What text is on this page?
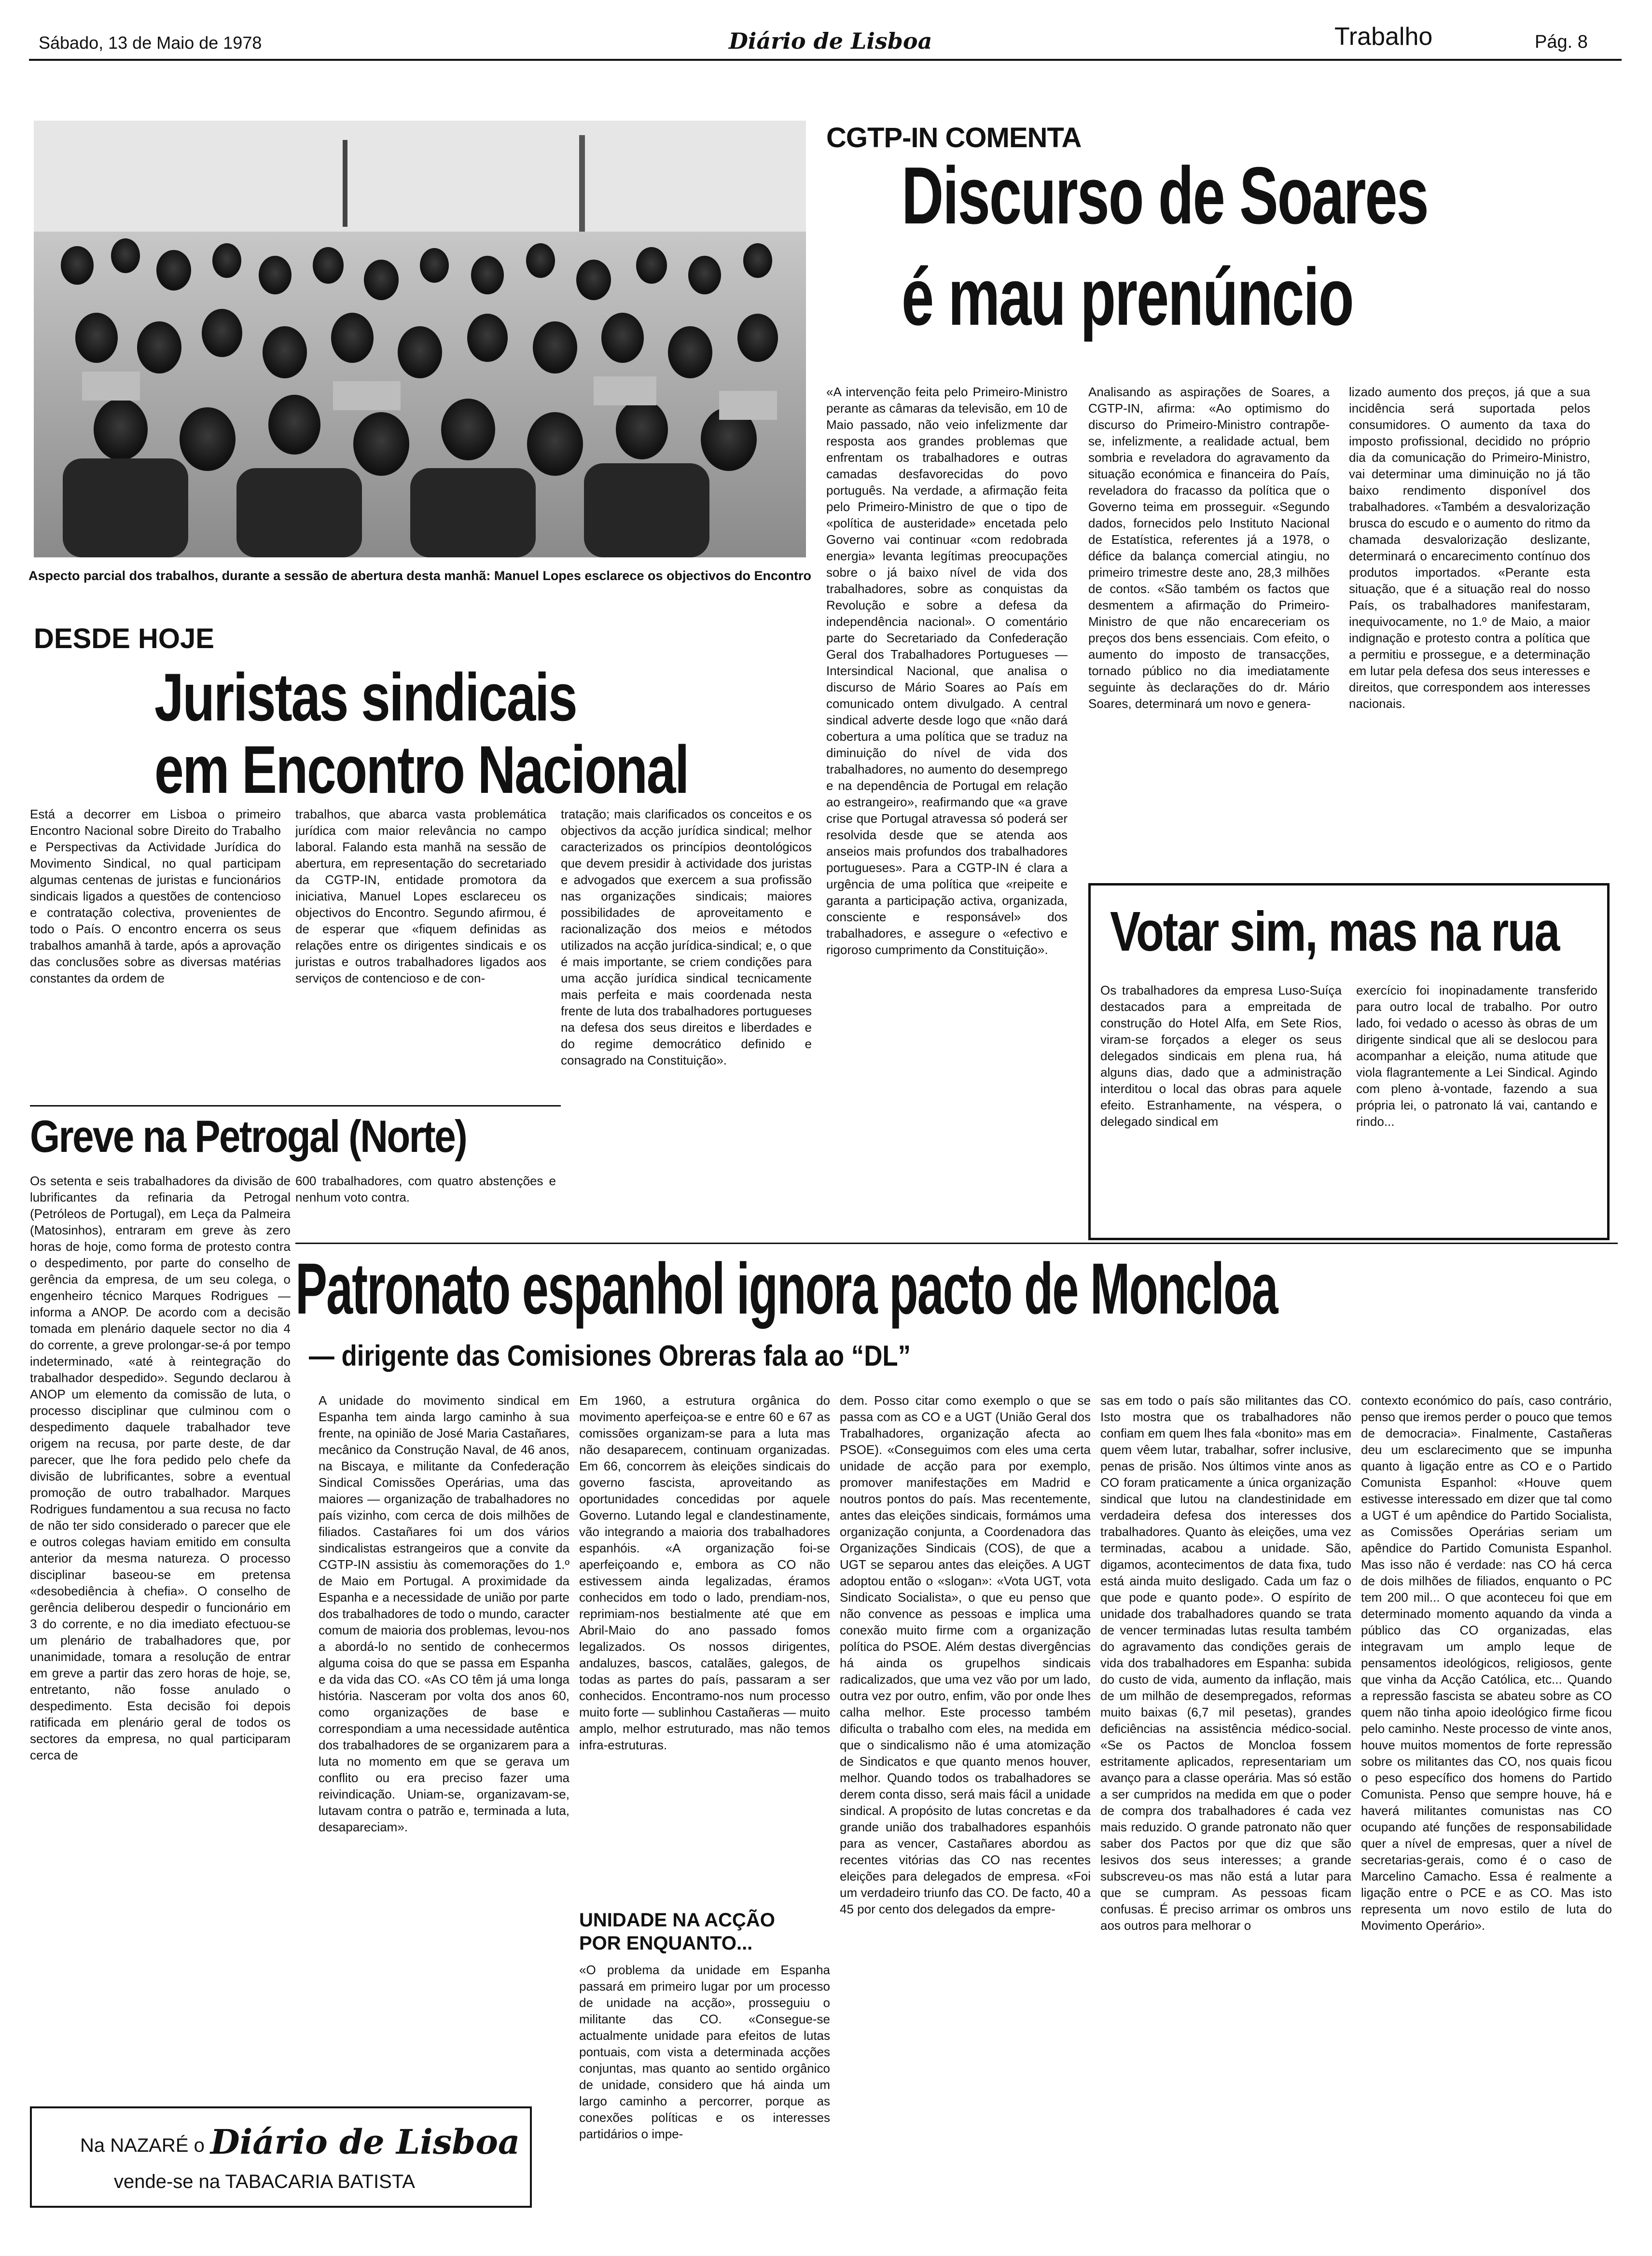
Sábado, 13 de Maio de 1978	Diário de Lisboa	Trabalho	Pág. 8
Aspecto parcial dos trabalhos, durante a sessão de abertura desta manhã: Manuel Lopes esclarece os objectivos do Encontro
CGTP-IN COMENTA
Discurso de Soares
é mau prenúncio
«A intervenção feita pelo Primeiro-Ministro perante as câmaras da televisão, em 10 de Maio passado, não veio infelizmente dar resposta aos grandes problemas que enfrentam os trabalhadores e outras camadas desfavorecidas do povo português. Na verdade, a afirmação feita pelo Primeiro-Ministro de que o tipo de «política de austeridade» encetada pelo Governo vai continuar «com redobrada energia» levanta legítimas preocupações sobre o já baixo nível de vida dos trabalhadores, sobre as conquistas da Revolução e sobre a defesa da independência nacional». O comentário parte do Secretariado da Confederação Geral dos Trabalhadores Portugueses — Intersindical Nacional, que analisa o discurso de Mário Soares ao País em comunicado ontem divulgado. A central sindical adverte desde logo que «não dará cobertura a uma política que se traduz na diminuição do nível de vida dos trabalhadores, no aumento do desemprego e na dependência de Portugal em relação ao estrangeiro», reafirmando que «a grave crise que Portugal atravessa só poderá ser resolvida desde que se atenda aos anseios mais profundos dos trabalhadores portugueses». Para a CGTP-IN é clara a urgência de uma política que «reipeite e garanta a participação activa, organizada, consciente e responsável» dos trabalhadores, e assegure o «efectivo e rigoroso cumprimento da Constituição».
Analisando as aspirações de Soares, a CGTP-IN, afirma: «Ao optimismo do discurso do Primeiro-Ministro contrapõe-se, infelizmente, a realidade actual, bem sombria e reveladora do agravamento da situação económica e financeira do País, reveladora do fracasso da política que o Governo teima em prosseguir. «Segundo dados, fornecidos pelo Instituto Nacional de Estatística, referentes já a 1978, o défice da balança comercial atingiu, no primeiro trimestre deste ano, 28,3 milhões de contos. «São também os factos que desmentem a afirmação do Primeiro-Ministro de que não encareceriam os preços dos bens essenciais. Com efeito, o aumento do imposto de transacções, tornado público no dia imediatamente seguinte às declarações do dr. Mário Soares, determinará um novo e genera-
lizado aumento dos preços, já que a sua incidência será suportada pelos consumidores. O aumento da taxa do imposto profissional, decidido no próprio dia da comunicação do Primeiro-Ministro, vai determinar uma diminuição no já tão baixo rendimento disponível dos trabalhadores. «Também a desvalorização brusca do escudo e o aumento do ritmo da chamada desvalorização deslizante, determinará o encarecimento contínuo dos produtos importados. «Perante esta situação, que é a situação real do nosso País, os trabalhadores manifestaram, inequivocamente, no 1.º de Maio, a maior indignação e protesto contra a política que a permitiu e prossegue, e a determinação em lutar pela defesa dos seus interesses e direitos, que correspondem aos interesses nacionais.
DESDE HOJE
Juristas sindicais
em Encontro Nacional
Está a decorrer em Lisboa o primeiro Encontro Nacional sobre Direito do Trabalho e Perspectivas da Actividade Jurídica do Movimento Sindical, no qual participam algumas centenas de juristas e funcionários sindicais ligados a questões de contencioso e contratação colectiva, provenientes de todo o País. O encontro encerra os seus trabalhos amanhã à tarde, após a aprovação das conclusões sobre as diversas matérias constantes da ordem de
trabalhos, que abarca vasta problemática jurídica com maior relevância no campo laboral. Falando esta manhã na sessão de abertura, em representação do secretariado da CGTP-IN, entidade promotora da iniciativa, Manuel Lopes esclareceu os objectivos do Encontro. Segundo afirmou, é de esperar que «fiquem definidas as relações entre os dirigentes sindicais e os juristas e outros trabalhadores ligados aos serviços de contencioso e de con-
tratação; mais clarificados os conceitos e os objectivos da acção jurídica sindical; melhor caracterizados os princípios deontológicos que devem presidir à actividade dos juristas e advogados que exercem a sua profissão nas organizações sindicais; maiores possibilidades de aproveitamento e racionalização dos meios e métodos utilizados na acção jurídica-sindical; e, o que é mais importante, se criem condições para uma acção jurídica sindical tecnicamente mais perfeita e mais coordenada nesta frente de luta dos trabalhadores portugueses na defesa dos seus direitos e liberdades e do regime democrático definido e consagrado na Constituição».
Votar sim, mas na rua
Os trabalhadores da empresa Luso-Suíça destacados para a empreitada de construção do Hotel Alfa, em Sete Rios, viram-se forçados a eleger os seus delegados sindicais em plena rua, há alguns dias, dado que a administração interditou o local das obras para aquele efeito. Estranhamente, na véspera, o delegado sindical em
exercício foi inopinadamente transferido para outro local de trabalho. Por outro lado, foi vedado o acesso às obras de um dirigente sindical que ali se deslocou para acompanhar a eleição, numa atitude que viola flagrantemente a Lei Sindical. Agindo com pleno à-vontade, fazendo a sua própria lei, o patronato lá vai, cantando e rindo...
Greve na Petrogal (Norte)
Os setenta e seis trabalhadores da divisão de lubrificantes da refinaria da Petrogal (Petróleos de Portugal), em Leça da Palmeira (Matosinhos), entraram em greve às zero horas de hoje, como forma de protesto contra o despedimento, por parte do conselho de gerência da empresa, de um seu colega, o engenheiro técnico Marques Rodrigues — informa a ANOP. De acordo com a decisão tomada em plenário daquele sector no dia 4 do corrente, a greve prolongar-se-á por tempo indeterminado, «até à reintegração do trabalhador despedido». Segundo declarou à ANOP um elemento da comissão de luta, o processo disciplinar que culminou com o despedimento daquele trabalhador teve origem na recusa, por parte deste, de dar parecer, que lhe fora pedido pelo chefe da divisão de lubrificantes, sobre a eventual promoção de outro trabalhador. Marques Rodrigues fundamentou a sua recusa no facto de não ter sido considerado o parecer que ele e outros colegas haviam emitido em consulta anterior da mesma natureza. O processo disciplinar baseou-se em pretensa «desobediência à chefia». O conselho de gerência deliberou despedir o funcionário em 3 do corrente, e no dia imediato efectuou-se um plenário de trabalhadores que, por unanimidade, tomara a resolução de entrar em greve a partir das zero horas de hoje, se, entretanto, não fosse anulado o despedimento. Esta decisão foi depois ratificada em plenário geral de todos os sectores da empresa, no qual participaram cerca de
600 trabalhadores, com quatro abstenções e nenhum voto contra.
Patronato espanhol ignora pacto de Moncloa
— dirigente das Comisiones Obreras fala ao “DL”
A unidade do movimento sindical em Espanha tem ainda largo caminho à sua frente, na opinião de José Maria Castañares, mecânico da Construção Naval, de 46 anos, na Biscaya, e militante da Confederação Sindical Comissões Operárias, uma das maiores — organização de trabalhadores no país vizinho, com cerca de dois milhões de filiados. Castañares foi um dos vários sindicalistas estrangeiros que a convite da CGTP-IN assistiu às comemorações do 1.º de Maio em Portugal. A proximidade da Espanha e a necessidade de união por parte dos trabalhadores de todo o mundo, caracter comum de maioria dos problemas, levou-nos a abordá-lo no sentido de conhecermos alguma coisa do que se passa em Espanha e da vida das CO. «As CO têm já uma longa história. Nasceram por volta dos anos 60, como organizações de base e correspondiam a uma necessidade autêntica dos trabalhadores de se organizarem para a luta no momento em que se gerava um conflito ou era preciso fazer uma reivindicação. Uniam-se, organizavam-se, lutavam contra o patrão e, terminada a luta, desapareciam».
Em 1960, a estrutura orgânica do movimento aperfeiçoa-se e entre 60 e 67 as comissões organizam-se para a luta mas não desaparecem, continuam organizadas. Em 66, concorrem às eleições sindicais do governo fascista, aproveitando as oportunidades concedidas por aquele Governo. Lutando legal e clandestinamente, vão integrando a maioria dos trabalhadores espanhóis. «A organização foi-se aperfeiçoando e, embora as CO não estivessem ainda legalizadas, éramos conhecidos em todo o lado, prendiam-nos, reprimiam-nos bestialmente até que em Abril-Maio do ano passado fomos legalizados. Os nossos dirigentes, andaluzes, bascos, catalães, galegos, de todas as partes do país, passaram a ser conhecidos. Encontramo-nos num processo muito forte — sublinhou Castañeras — muito amplo, melhor estruturado, mas não temos infra-estruturas.
UNIDADE NA ACÇÃO POR ENQUANTO...
«O problema da unidade em Espanha passará em primeiro lugar por um processo de unidade na acção», prosseguiu o militante das CO. «Consegue-se actualmente unidade para efeitos de lutas pontuais, com vista a determinada acções conjuntas, mas quanto ao sentido orgânico de unidade, considero que há ainda um largo caminho a percorrer, porque as conexões políticas e os interesses partidários o impe-
dem. Posso citar como exemplo o que se passa com as CO e a UGT (União Geral dos Trabalhadores, organização afecta ao PSOE). «Conseguimos com eles uma certa unidade de acção para por exemplo, promover manifestações em Madrid e noutros pontos do país. Mas recentemente, antes das eleições sindicais, formámos uma organização conjunta, a Coordenadora das Organizações Sindicais (COS), de que a UGT se separou antes das eleições. A UGT adoptou então o «slogan»: «Vota UGT, vota Sindicato Socialista», o que eu penso que não convence as pessoas e implica uma conexão muito firme com a organização política do PSOE. Além destas divergências há ainda os grupelhos sindicais radicalizados, que uma vez vão por um lado, outra vez por outro, enfim, vão por onde lhes calha melhor. Este processo também dificulta o trabalho com eles, na medida em que o sindicalismo não é uma atomização de Sindicatos e que quanto menos houver, melhor. Quando todos os trabalhadores se derem conta disso, será mais fácil a unidade sindical. A propósito de lutas concretas e da grande união dos trabalhadores espanhóis para as vencer, Castañares abordou as recentes vitórias das CO nas recentes eleições para delegados de empresa. «Foi um verdadeiro triunfo das CO. De facto, 40 a 45 por cento dos delegados da empre-
sas em todo o país são militantes das CO. Isto mostra que os trabalhadores não confiam em quem lhes fala «bonito» mas em quem vêem lutar, trabalhar, sofrer inclusive, penas de prisão. Nos últimos vinte anos as CO foram praticamente a única organização sindical que lutou na clandestinidade em verdadeira defesa dos interesses dos trabalhadores. Quanto às eleições, uma vez terminadas, acabou a unidade. São, digamos, acontecimentos de data fixa, tudo está ainda muito desligado. Cada um faz o que pode e quanto pode». O espírito de unidade dos trabalhadores quando se trata de vencer terminadas lutas resulta também do agravamento das condições gerais de vida dos trabalhadores em Espanha: subida do custo de vida, aumento da inflação, mais de um milhão de desempregados, reformas muito baixas (6,7 mil pesetas), grandes deficiências na assistência médico-social. «Se os Pactos de Moncloa fossem estritamente aplicados, representariam um avanço para a classe operária. Mas só estão a ser cumpridos na medida em que o poder de compra dos trabalhadores é cada vez mais reduzido. O grande patronato não quer saber dos Pactos por que diz que são lesivos dos seus interesses; a grande subscreveu-os mas não está a lutar para que se cumpram. As pessoas ficam confusas. É preciso arrimar os ombros uns aos outros para melhorar o
contexto económico do país, caso contrário, penso que iremos perder o pouco que temos de democracia». Finalmente, Castañeras deu um esclarecimento que se impunha quanto à ligação entre as CO e o Partido Comunista Espanhol: «Houve quem estivesse interessado em dizer que tal como a UGT é um apêndice do Partido Socialista, as Comissões Operárias seriam um apêndice do Partido Comunista Espanhol. Mas isso não é verdade: nas CO há cerca de dois milhões de filiados, enquanto o PC tem 200 mil... O que aconteceu foi que em determinado momento aquando da vinda a público das CO organizadas, elas integravam um amplo leque de pensamentos ideológicos, religiosos, gente que vinha da Acção Católica, etc... Quando a repressão fascista se abateu sobre as CO quem não tinha apoio ideológico firme ficou pelo caminho. Neste processo de vinte anos, houve muitos momentos de forte repressão sobre os militantes das CO, nos quais ficou o peso específico dos homens do Partido Comunista. Penso que sempre houve, há e haverá militantes comunistas nas CO ocupando até funções de responsabilidade quer a nível de empresas, quer a nível de secretarias-gerais, como é o caso de Marcelino Camacho. Essa é realmente a ligação entre o PCE e as CO. Mas isto representa um novo estilo de luta do Movimento Operário».
Na NAZARÉ o Diário de Lisboa
vende-se na TABACARIA BATISTA
